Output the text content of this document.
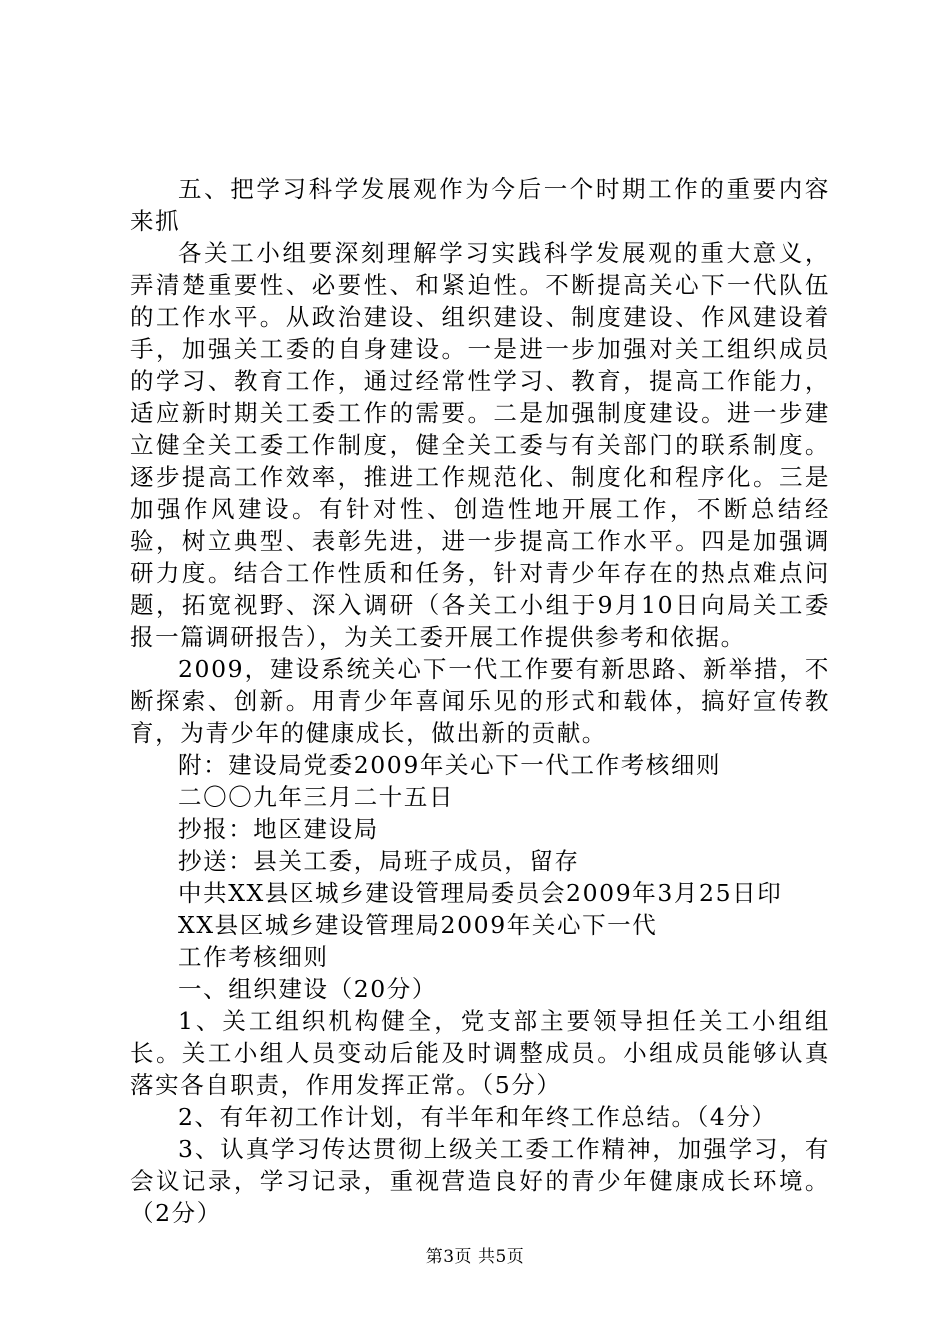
五、把学习科学发展观作为今后一个时期工作的重要内容来抓

各关工小组要深刻理解学习实践科学发展观的重大意义，弄清楚重要性、必要性、和紧迫性。不断提高关心下一代队伍的工作水平。从政治建设、组织建设、制度建设、作风建设着手，加强关工委的自身建设。一是进一步加强对关工组织成员的学习、教育工作，通过经常性学习、教育，提高工作能力，适应新时期关工委工作的需要。二是加强制度建设。进一步建立健全关工委工作制度，健全关工委与有关部门的联系制度。逐步提高工作效率，推进工作规范化、制度化和程序化。三是加强作风建设。有针对性、创造性地开展工作，不断总结经验，树立典型、表彰先进，进一步提高工作水平。四是加强调研力度。结合工作性质和任务，针对青少年存在的热点难点问题，拓宽视野、深入调研（各关工小组于9月10日向局关工委报一篇调研报告），为关工委开展工作提供参考和依据。

2009，建设系统关心下一代工作要有新思路、新举措，不断探索、创新。用青少年喜闻乐见的形式和载体，搞好宣传教育，为青少年的健康成长，做出新的贡献。

附：建设局党委2009年关心下一代工作考核细则

二〇〇九年三月二十五日

抄报：地区建设局

抄送：县关工委，局班子成员，留存

中共XX县区城乡建设管理局委员会2009年3月25日印

XX县区城乡建设管理局2009年关心下一代

工作考核细则

一、组织建设（20分）

1、关工组织机构健全，党支部主要领导担任关工小组组长。关工小组人员变动后能及时调整成员。小组成员能够认真落实各自职责，作用发挥正常。（5分）

2、有年初工作计划，有半年和年终工作总结。（4分）

3、认真学习传达贯彻上级关工委工作精神，加强学习，有会议记录，学习记录，重视营造良好的青少年健康成长环境。（2分）

第3页 共5页
